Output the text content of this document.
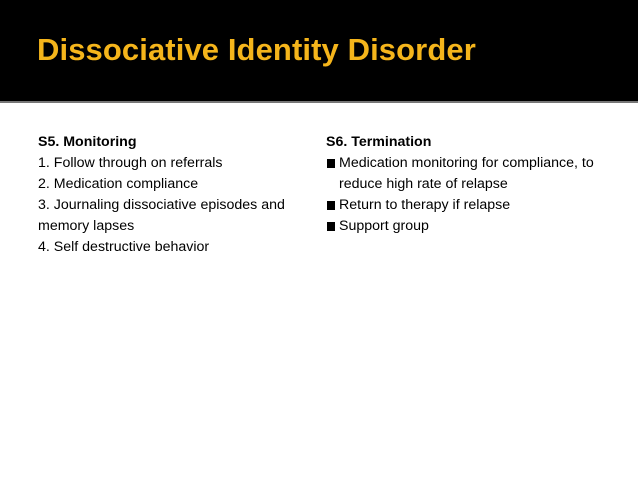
Dissociative Identity Disorder

S5. Monitoring

1. Follow through on referrals

2. Medication compliance

3. Journaling dissociative episodes and memory lapses

4. Self destructive behavior

S6. Termination

Medication monitoring for compliance, to reduce high rate of relapse

Return to therapy if relapse

Support group
